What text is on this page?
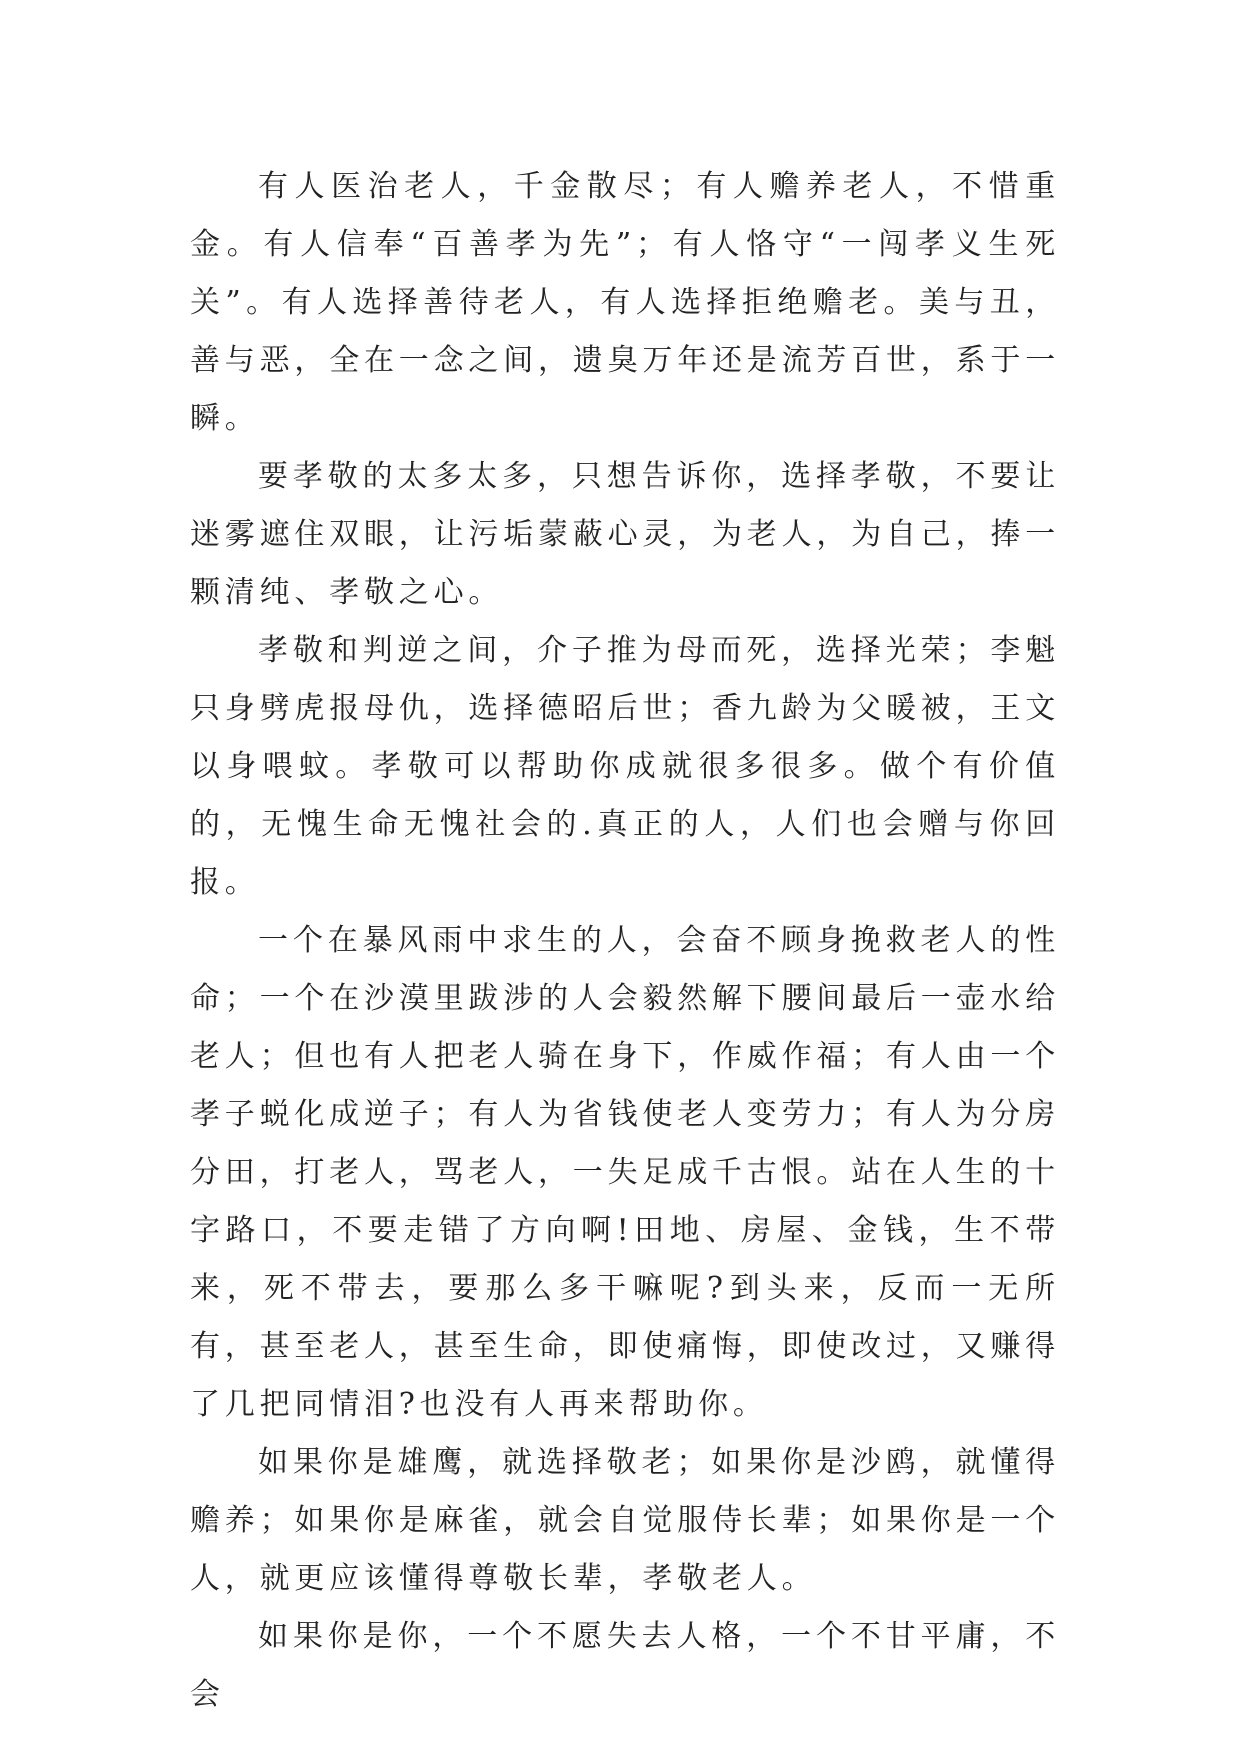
有人医治老人，千金散尽；有人赡养老人，不惜重金。有人信奉“百善孝为先”；有人恪守“一闯孝义生死关”。有人选择善待老人，有人选择拒绝赡老。美与丑，善与恶，全在一念之间，遗臭万年还是流芳百世，系于一瞬。

要孝敬的太多太多，只想告诉你，选择孝敬，不要让迷雾遮住双眼，让污垢蒙蔽心灵，为老人，为自己，捧一颗清纯、孝敬之心。

孝敬和判逆之间，介子推为母而死，选择光荣；李魁只身劈虎报母仇，选择德昭后世；香九龄为父暖被，王文以身喂蚊。孝敬可以帮助你成就很多很多。做个有价值的，无愧生命无愧社会的.真正的人，人们也会赠与你回报。

一个在暴风雨中求生的人，会奋不顾身挽救老人的性命；一个在沙漠里跋涉的人会毅然解下腰间最后一壶水给老人；但也有人把老人骑在身下，作威作福；有人由一个孝子蜕化成逆子；有人为省钱使老人变劳力；有人为分房分田，打老人，骂老人，一失足成千古恨。站在人生的十字路口，不要走错了方向啊!田地、房屋、金钱，生不带来，死不带去，要那么多干嘛呢?到头来，反而一无所有，甚至老人，甚至生命，即使痛悔，即使改过，又赚得了几把同情泪?也没有人再来帮助你。

如果你是雄鹰，就选择敬老；如果你是沙鸥，就懂得赡养；如果你是麻雀，就会自觉服侍长辈；如果你是一个人，就更应该懂得尊敬长辈，孝敬老人。

如果你是你，一个不愿失去人格，一个不甘平庸，不会
